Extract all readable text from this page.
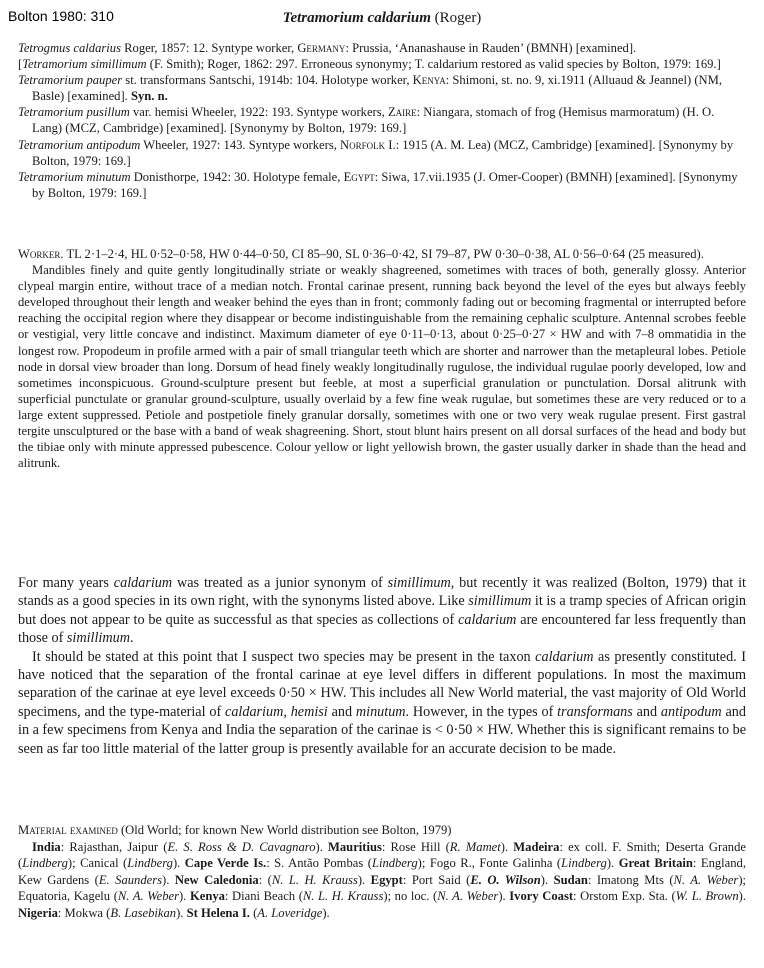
Bolton 1980: 310	Tetramorium caldarium (Roger)

Tetrogmus caldarius Roger, 1857: 12. Syntype worker, Germany: Prussia, ‘Ananashause in Rauden’ (BMNH) [examined].

[Tetramorium simillimum (F. Smith); Roger, 1862: 297. Erroneous synonymy; T. caldarium restored as valid species by Bolton, 1979: 169.]

Tetramorium pauper st. transformans Santschi, 1914b: 104. Holotype worker, Kenya: Shimoni, st. no. 9, xi.1911 (Alluaud & Jeannel) (NM, Basle) [examined]. Syn. n.

Tetramorium pusillum var. hemisi Wheeler, 1922: 193. Syntype workers, Zaire: Niangara, stomach of frog (Hemisus marmoratum) (H. O. Lang) (MCZ, Cambridge) [examined]. [Synonymy by Bolton, 1979: 169.]

Tetramorium antipodum Wheeler, 1927: 143. Syntype workers, Norfolk I.: 1915 (A. M. Lea) (MCZ, Cambridge) [examined]. [Synonymy by Bolton, 1979: 169.]

Tetramorium minutum Donisthorpe, 1942: 30. Holotype female, Egypt: Siwa, 17.vii.1935 (J. Omer-Cooper) (BMNH) [examined]. [Synonymy by Bolton, 1979: 169.]

Worker. TL 2·1–2·4, HL 0·52–0·58, HW 0·44–0·50, CI 85–90, SL 0·36–0·42, SI 79–87, PW 0·30–0·38, AL 0·56–0·64 (25 measured).

Mandibles finely and quite gently longitudinally striate or weakly shagreened, sometimes with traces of both, generally glossy. Anterior clypeal margin entire, without trace of a median notch. Frontal carinae present, running back beyond the level of the eyes but always feebly developed throughout their length and weaker behind the eyes than in front; commonly fading out or becoming fragmental or interrupted before reaching the occipital region where they disappear or become indistinguishable from the remaining cephalic sculpture. Antennal scrobes feeble or vestigial, very little concave and indistinct. Maximum diameter of eye 0·11–0·13, about 0·25–0·27 × HW and with 7–8 ommatidia in the longest row. Propodeum in profile armed with a pair of small triangular teeth which are shorter and narrower than the metapleural lobes. Petiole node in dorsal view broader than long. Dorsum of head finely weakly longitudinally rugulose, the individual rugulae poorly developed, low and sometimes inconspicuous. Ground-sculpture present but feeble, at most a superficial granulation or punctulation. Dorsal alitrunk with superficial punctulate or granular ground-sculpture, usually overlaid by a few fine weak rugulae, but sometimes these are very reduced or to a large extent suppressed. Petiole and postpetiole finely granular dorsally, sometimes with one or two very weak rugulae present. First gastral tergite unsculptured or the base with a band of weak shagreening. Short, stout blunt hairs present on all dorsal surfaces of the head and body but the tibiae only with minute appressed pubescence. Colour yellow or light yellowish brown, the gaster usually darker in shade than the head and alitrunk.

For many years caldarium was treated as a junior synonym of simillimum, but recently it was realized (Bolton, 1979) that it stands as a good species in its own right, with the synonyms listed above. Like simillimum it is a tramp species of African origin but does not appear to be quite as successful as that species as collections of caldarium are encountered far less frequently than those of simillimum.

It should be stated at this point that I suspect two species may be present in the taxon caldarium as presently constituted. I have noticed that the separation of the frontal carinae at eye level differs in different populations. In most the maximum separation of the carinae at eye level exceeds 0·50 × HW. This includes all New World material, the vast majority of Old World specimens, and the type-material of caldarium, hemisi and minutum. However, in the types of transformans and antipodum and in a few specimens from Kenya and India the separation of the carinae is < 0·50 × HW. Whether this is significant remains to be seen as far too little material of the latter group is presently available for an accurate decision to be made.

Material examined (Old World; for known New World distribution see Bolton, 1979)

India: Rajasthan, Jaipur (E. S. Ross & D. Cavagnaro). Mauritius: Rose Hill (R. Mamet). Madeira: ex coll. F. Smith; Deserta Grande (Lindberg); Canical (Lindberg). Cape Verde Is.: S. Antão Pombas (Lindberg); Fogo R., Fonte Galinha (Lindberg). Great Britain: England, Kew Gardens (E. Saunders). New Caledonia: (N. L. H. Krauss). Egypt: Port Said (E. O. Wilson). Sudan: Imatong Mts (N. A. Weber); Equatoria, Kagelu (N. A. Weber). Kenya: Diani Beach (N. L. H. Krauss); no loc. (N. A. Weber). Ivory Coast: Orstom Exp. Sta. (W. L. Brown). Nigeria: Mokwa (B. Lasebikan). St Helena I. (A. Loveridge).
